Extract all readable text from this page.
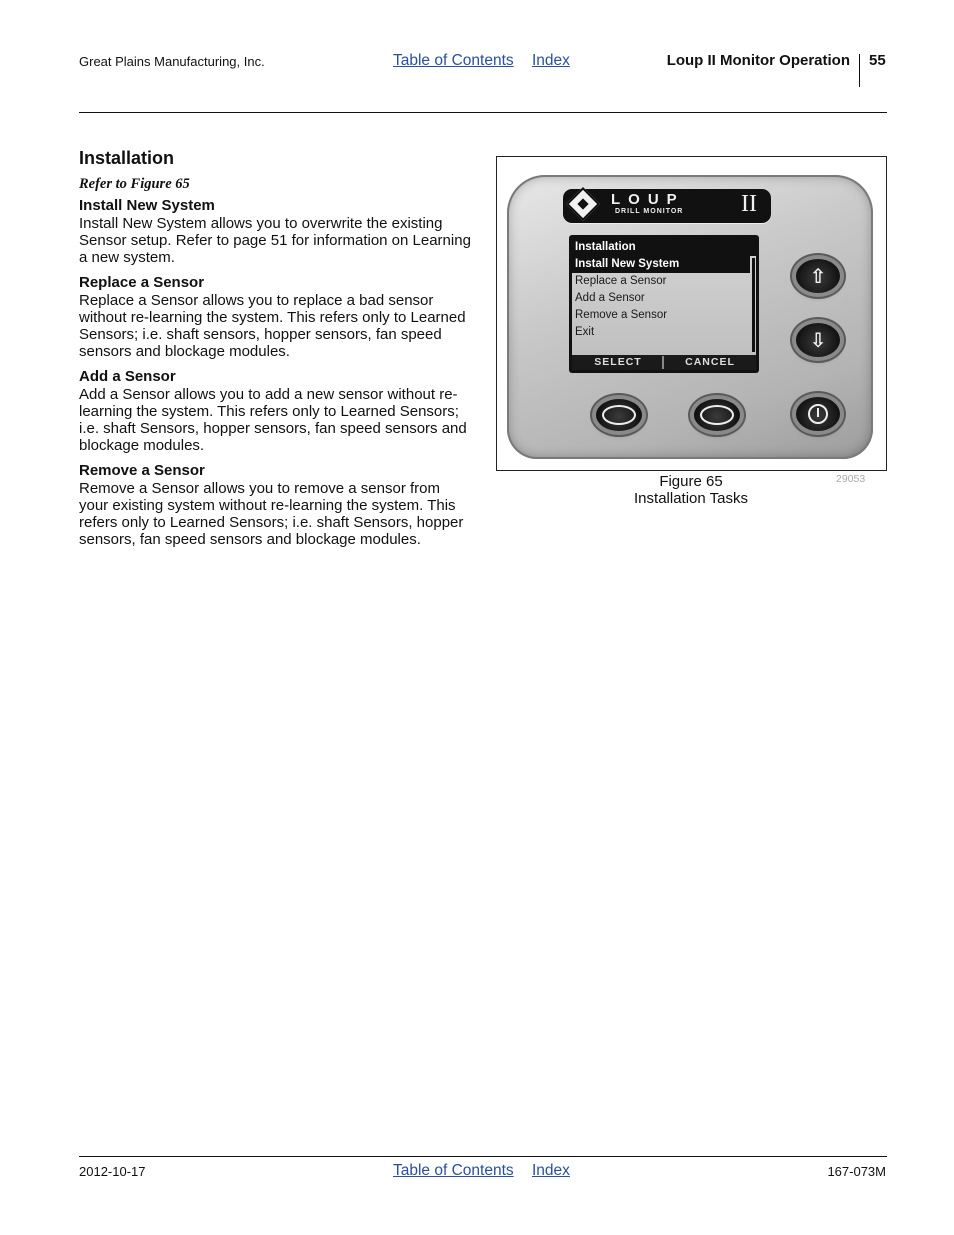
Great Plains Manufacturing, Inc.	Table of Contents Index	Loup II Monitor Operation 55
Installation
Refer to Figure 65
Install New System

Install New System allows you to overwrite the existing Sensor setup. Refer to page 51 for information on Learning a new system.

Replace a Sensor

Replace a Sensor allows you to replace a bad sensor without re-learning the system. This refers only to Learned Sensors; i.e. shaft sensors, hopper sensors, fan speed sensors and blockage modules.

Add a Sensor

Add a Sensor allows you to add a new sensor without re-learning the system. This refers only to Learned Sensors; i.e. shaft Sensors, hopper sensors, fan speed sensors and blockage modules.

Remove a Sensor

Remove a Sensor allows you to remove a sensor from your existing system without re-learning the system. This refers only to Learned Sensors; i.e. shaft Sensors, hopper sensors, fan speed sensors and blockage modules.

LOUP
DRILL MONITOR II
Installation
Install New System
Replace a Sensor
Add a Sensor
Remove a Sensor
Exit
SELECT	CANCEL
⇧
⇩
Figure 65
Installation Tasks
29053
2012-10-17	Table of Contents Index	167-073M
